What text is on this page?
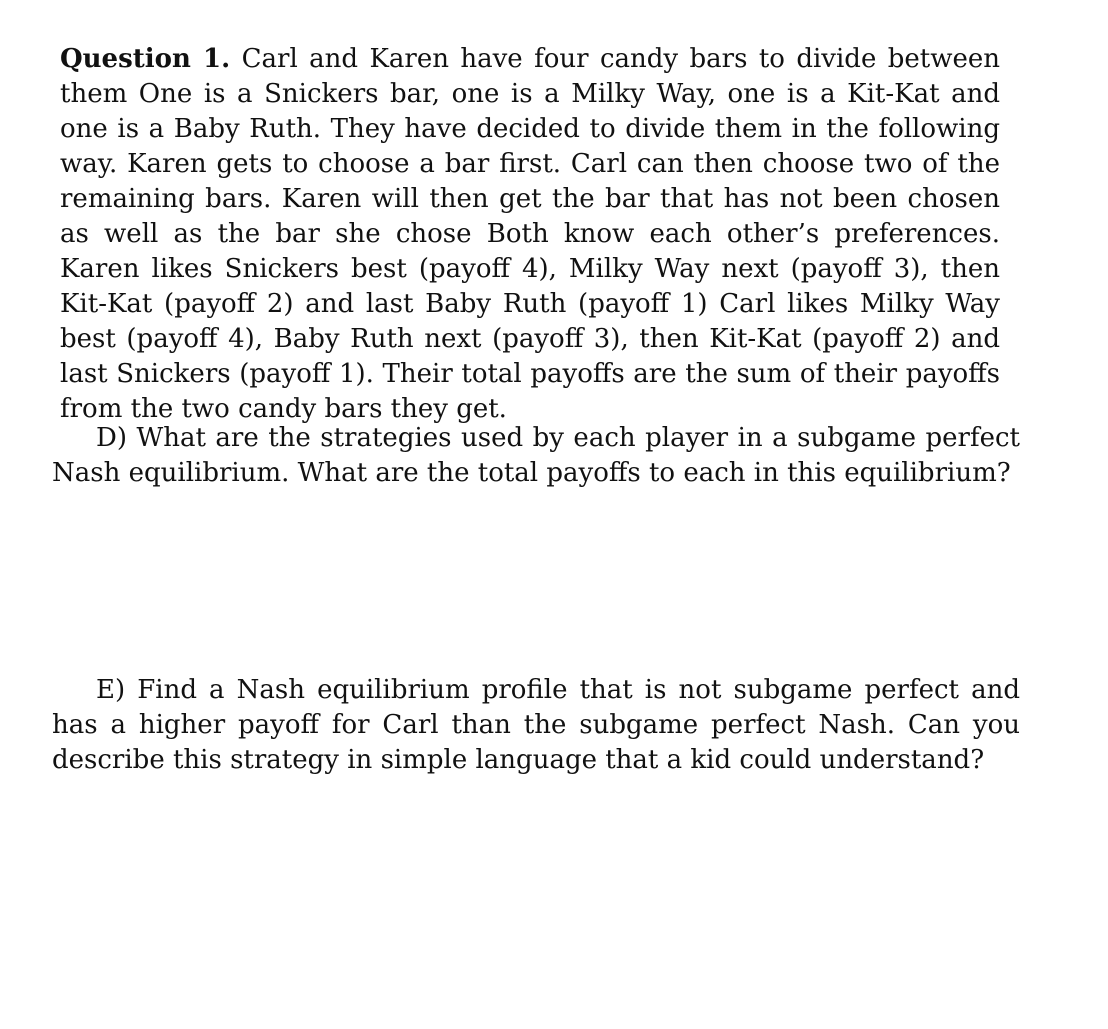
Question 1. Carl and Karen have four candy bars to divide between them One is a Snickers bar, one is a Milky Way, one is a Kit-Kat and one is a Baby Ruth. They have decided to divide them in the following way. Karen gets to choose a bar first. Carl can then choose two of the remaining bars. Karen will then get the bar that has not been chosen as well as the bar she chose Both know each other’s preferences. Karen likes Snickers best (payoff 4), Milky Way next (payoff 3), then Kit-Kat (payoff 2) and last Baby Ruth (payoff 1) Carl likes Milky Way best (payoff 4), Baby Ruth next (payoff 3), then Kit-Kat (payoff 2) and last Snickers (payoff 1). Their total payoffs are the sum of their payoffs from the two candy bars they get.

D) What are the strategies used by each player in a subgame perfect Nash equilibrium. What are the total payoffs to each in this equilibrium?

E) Find a Nash equilibrium profile that is not subgame perfect and has a higher payoff for Carl than the subgame perfect Nash. Can you describe this strategy in simple language that a kid could understand?
